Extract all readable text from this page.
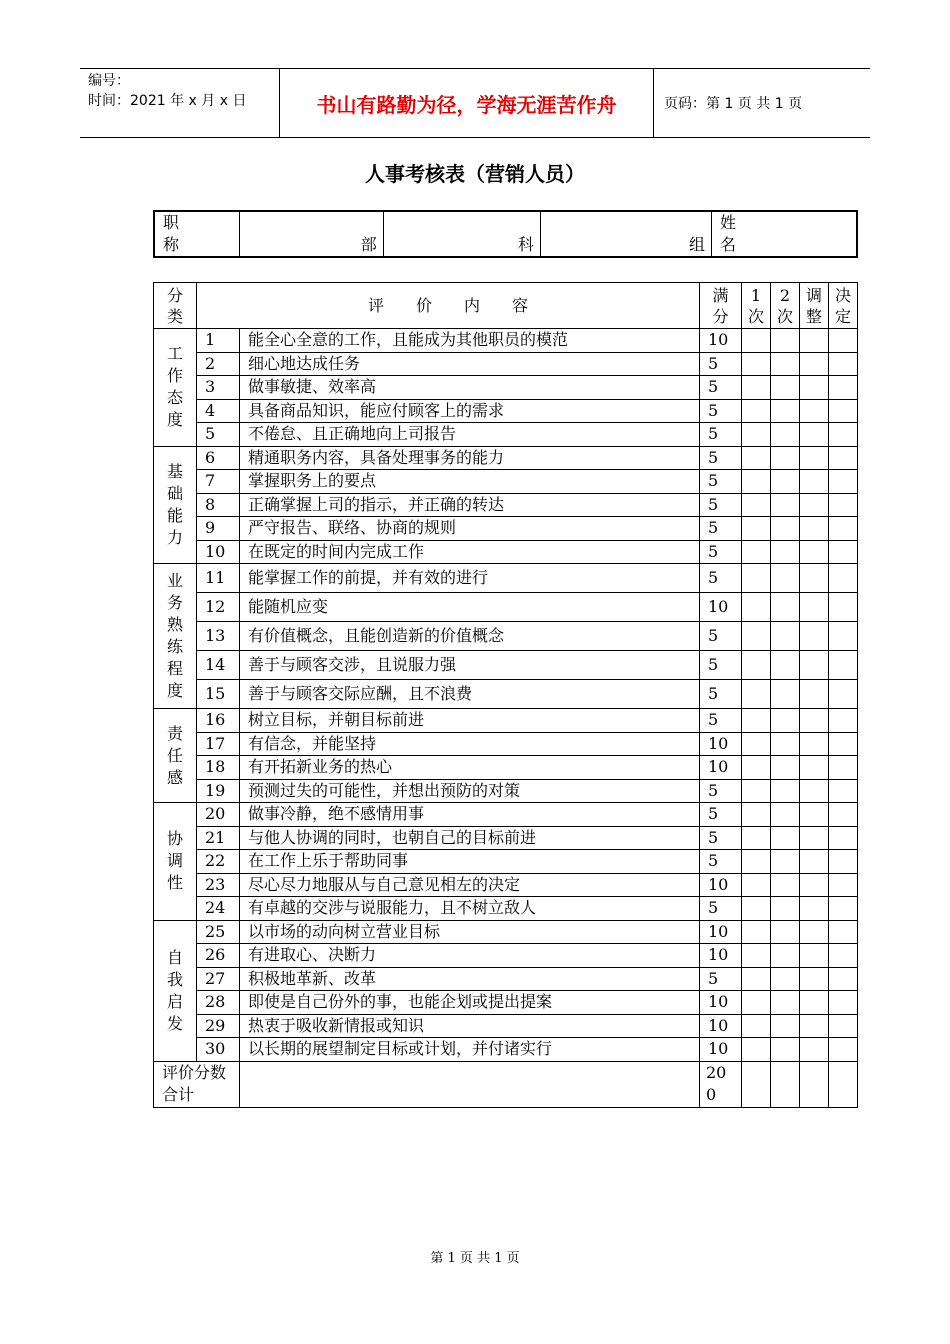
编号：
时间：2021 年 x 月 x 日	书山有路勤为径，学海无涯苦作舟	页码：第 1 页 共 1 页
人事考核表（营销人员）
职称	部	科	组	姓名
分类	评　　价　　内　　容		满分	1次	2次	调整	决定
工作态度	1	能全心全意的工作，且能成为其他职员的模范	10				
	2	细心地达成任务	5				
	3	做事敏捷、效率高	5				
	4	具备商品知识，能应付顾客上的需求	5				
	5	不倦怠、且正确地向上司报告	5				
基础能力	6	精通职务内容，具备处理事务的能力	5				
	7	掌握职务上的要点	5				
	8	正确掌握上司的指示，并正确的转达	5				
	9	严守报告、联络、协商的规则	5				
	10	在既定的时间内完成工作	5				
业务熟练程度	11	能掌握工作的前提，并有效的进行	5				
	12	能随机应变	10				
	13	有价值概念，且能创造新的价值概念	5				
	14	善于与顾客交涉，且说服力强	5				
	15	善于与顾客交际应酬，且不浪费	5				
责任感	16	树立目标，并朝目标前进	5				
	17	有信念，并能坚持	10				
	18	有开拓新业务的热心	10				
	19	预测过失的可能性，并想出预防的对策	5				
协调性	20	做事冷静，绝不感情用事	5				
	21	与他人协调的同时，也朝自己的目标前进	5				
	22	在工作上乐于帮助同事	5				
	23	尽心尽力地服从与自己意见相左的决定	10				
	24	有卓越的交涉与说服能力，且不树立敌人	5				
自我启发	25	以市场的动向树立营业目标	10				
	26	有进取心、决断力	10				
	27	积极地革新、改革	5				
	28	即使是自己份外的事，也能企划或提出提案	10				
	29	热衷于吸收新情报或知识	10				
	30	以长期的展望制定目标或计划，并付诸实行	10				
评价分数合计			200				
第 1 页 共 1 页
